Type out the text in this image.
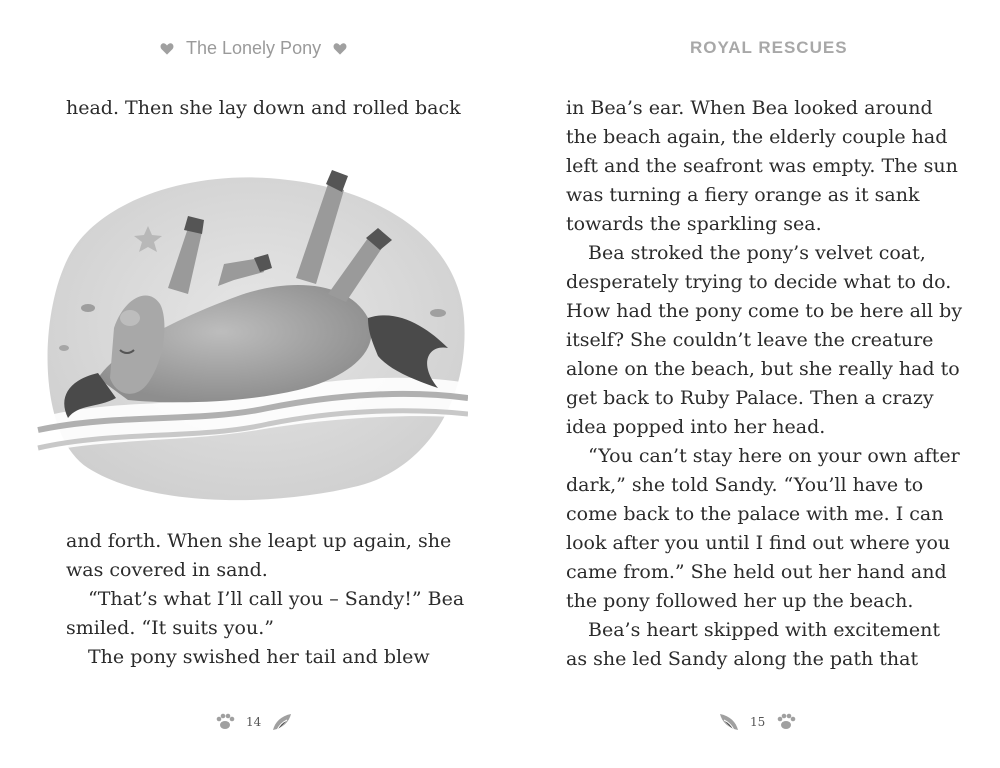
The Lonely Pony

head. Then she lay down and rolled back

and forth. When she leapt up again, she was covered in sand.

“That’s what I’ll call you – Sandy!” Bea smiled. “It suits you.”

The pony swished her tail and blew

14
ROYAL RESCUES

in Bea’s ear. When Bea looked around the beach again, the elderly couple had left and the seafront was empty. The sun was turning a fiery orange as it sank towards the sparkling sea.

Bea stroked the pony’s velvet coat, desperately trying to decide what to do. How had the pony come to be here all by itself? She couldn’t leave the creature alone on the beach, but she really had to get back to Ruby Palace. Then a crazy idea popped into her head.

“You can’t stay here on your own after dark,” she told Sandy. “You’ll have to come back to the palace with me. I can look after you until I find out where you came from.” She held out her hand and the pony followed her up the beach.

Bea’s heart skipped with excitement as she led Sandy along the path that

15
